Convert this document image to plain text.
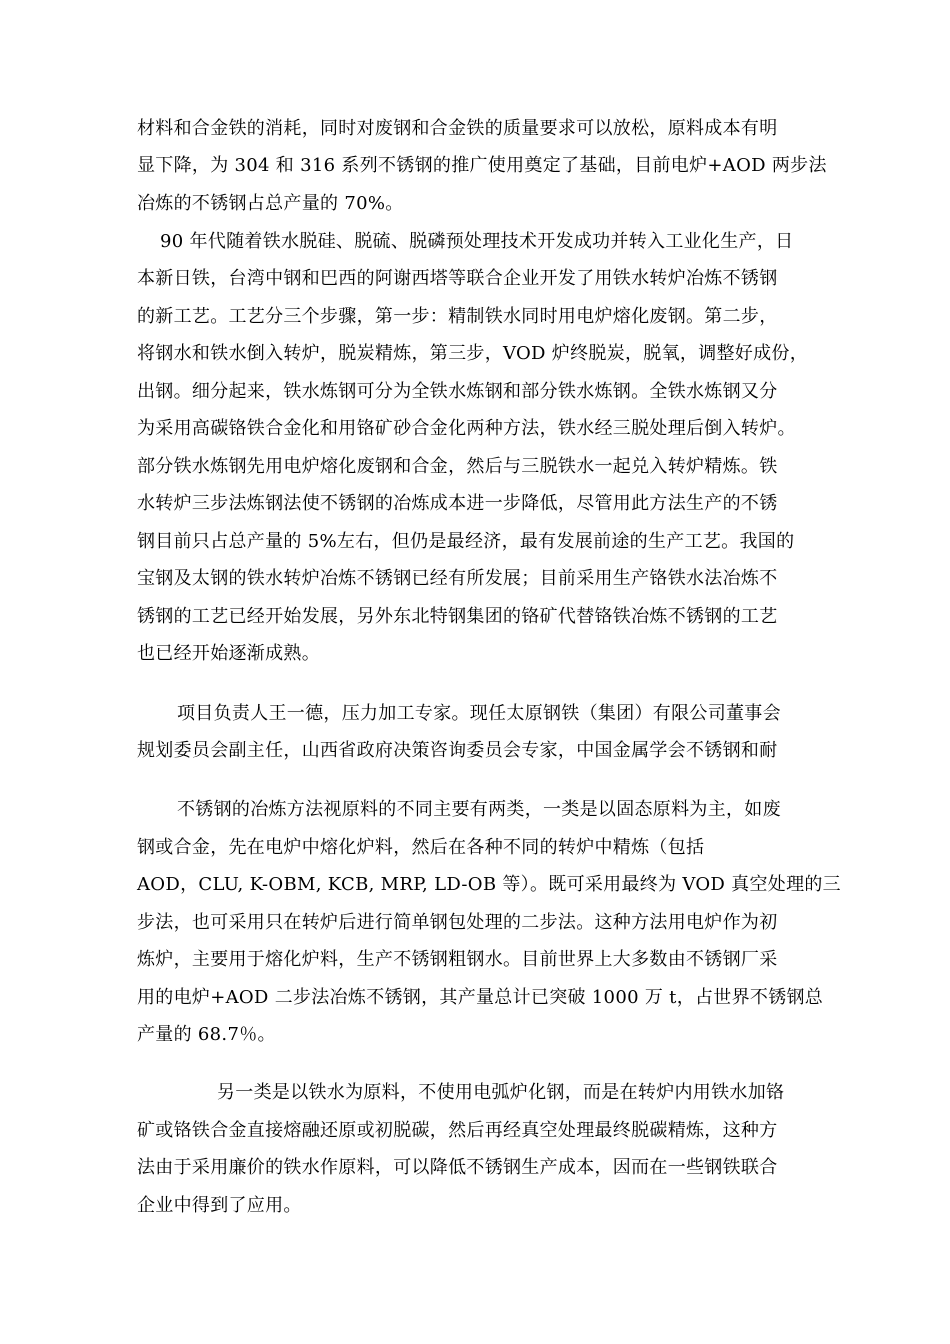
材料和合金铁的消耗，同时对废钢和合金铁的质量要求可以放松，原料成本有明
显下降，为 304 和 316 系列不锈钢的推广使用奠定了基础，目前电炉+AOD 两步法
冶炼的不锈钢占总产量的 70%。
90 年代随着铁水脱硅、脱硫、脱磷预处理技术开发成功并转入工业化生产，日
本新日铁，台湾中钢和巴西的阿谢西塔等联合企业开发了用铁水转炉冶炼不锈钢
的新工艺。工艺分三个步骤，第一步：精制铁水同时用电炉熔化废钢。第二步，
将钢水和铁水倒入转炉，脱炭精炼，第三步，VOD 炉终脱炭，脱氧，调整好成份，
出钢。细分起来，铁水炼钢可分为全铁水炼钢和部分铁水炼钢。全铁水炼钢又分
为采用高碳铬铁合金化和用铬矿砂合金化两种方法，铁水经三脱处理后倒入转炉。
部分铁水炼钢先用电炉熔化废钢和合金，然后与三脱铁水一起兑入转炉精炼。铁
水转炉三步法炼钢法使不锈钢的冶炼成本进一步降低，尽管用此方法生产的不锈
钢目前只占总产量的 5%左右，但仍是最经济，最有发展前途的生产工艺。我国的
宝钢及太钢的铁水转炉冶炼不锈钢已经有所发展；目前采用生产铬铁水法冶炼不
锈钢的工艺已经开始发展，另外东北特钢集团的铬矿代替铬铁冶炼不锈钢的工艺
也已经开始逐渐成熟。
项目负责人王一德，压力加工专家。现任太原钢铁（集团）有限公司董事会
规划委员会副主任，山西省政府决策咨询委员会专家，中国金属学会不锈钢和耐
不锈钢的冶炼方法视原料的不同主要有两类，一类是以固态原料为主，如废
钢或合金，先在电炉中熔化炉料，然后在各种不同的转炉中精炼（包括
AOD，CLU, K-OBM, KCB, MRP, LD-OB 等）。既可采用最终为 VOD 真空处理的三
步法，也可采用只在转炉后进行简单钢包处理的二步法。这种方法用电炉作为初
炼炉，主要用于熔化炉料，生产不锈钢粗钢水。目前世界上大多数由不锈钢厂采
用的电炉+AOD 二步法冶炼不锈钢，其产量总计已突破 1000 万 t，占世界不锈钢总
产量的 68.7％。
另一类是以铁水为原料，不使用电弧炉化钢，而是在转炉内用铁水加铬
矿或铬铁合金直接熔融还原或初脱碳，然后再经真空处理最终脱碳精炼，这种方
法由于采用廉价的铁水作原料，可以降低不锈钢生产成本，因而在一些钢铁联合
企业中得到了应用。
